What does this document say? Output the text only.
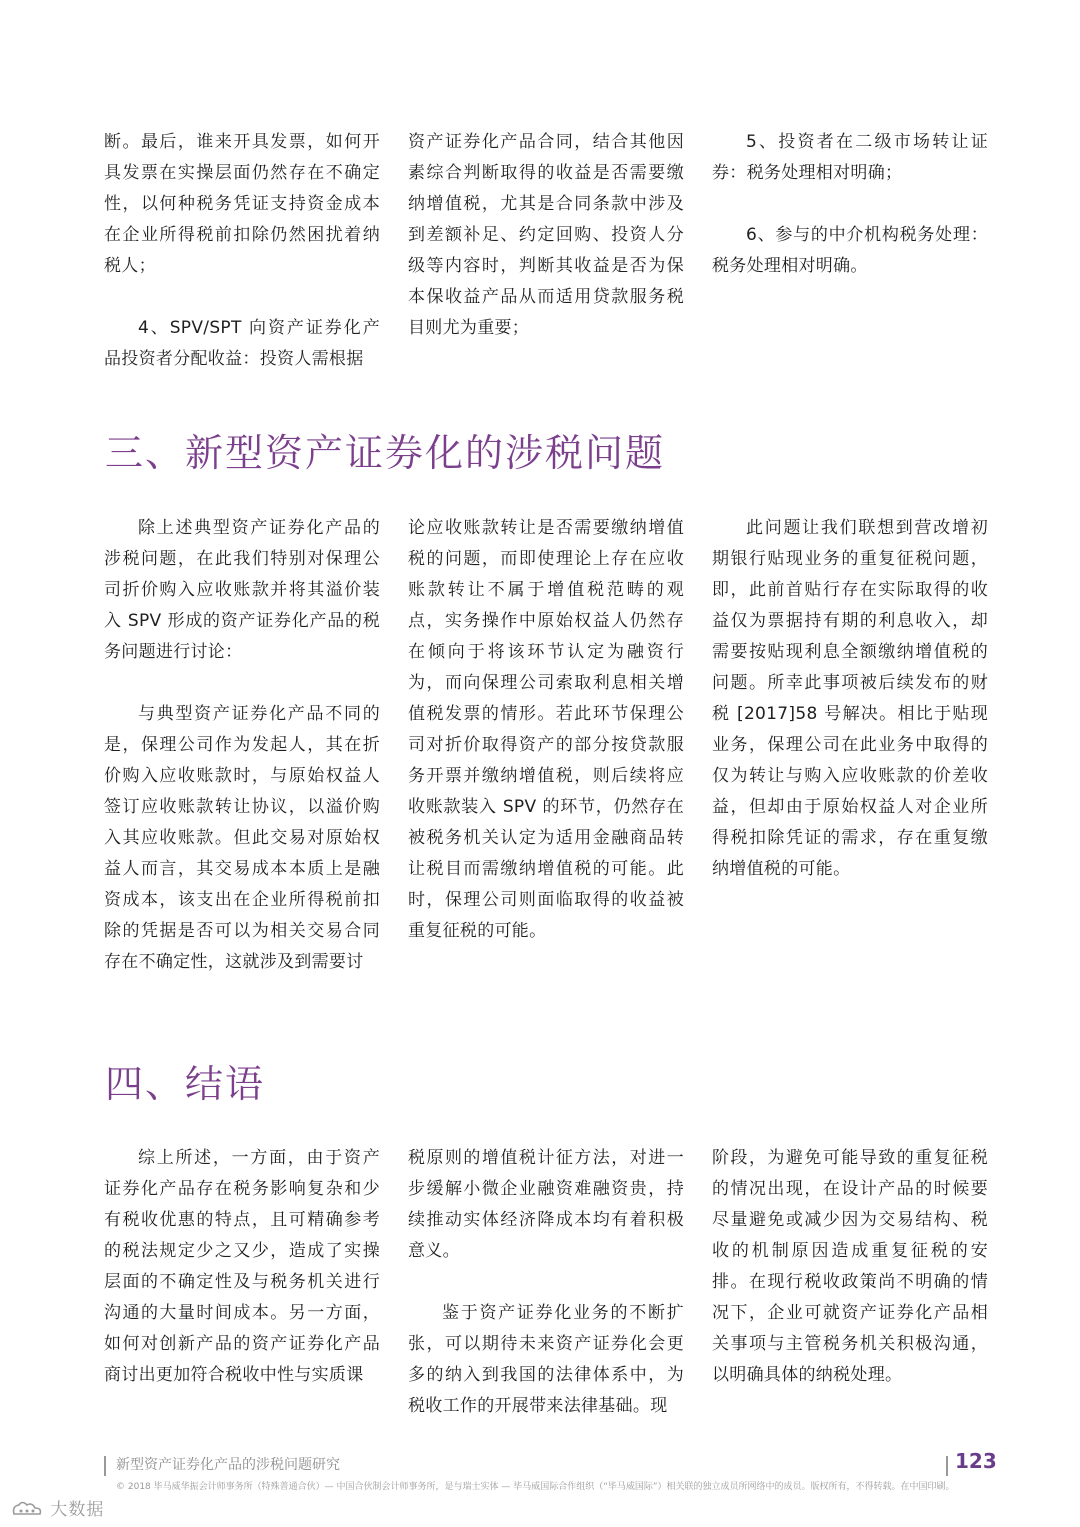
断。最后，谁来开具发票，如何开具发票在实操层面仍然存在不确定性，以何种税务凭证支持资金成本在企业所得税前扣除仍然困扰着纳税人；

4、SPV/SPT 向资产证券化产品投资者分配收益：投资人需根据

资产证券化产品合同，结合其他因素综合判断取得的收益是否需要缴纳增值税，尤其是合同条款中涉及到差额补足、约定回购、投资人分级等内容时，判断其收益是否为保本保收益产品从而适用贷款服务税目则尤为重要；

5、投资者在二级市场转让证券：税务处理相对明确；

6、参与的中介机构税务处理：税务处理相对明确。

三、新型资产证券化的涉税问题

除上述典型资产证券化产品的涉税问题，在此我们特别对保理公司折价购入应收账款并将其溢价装入 SPV 形成的资产证券化产品的税务问题进行讨论：

与典型资产证券化产品不同的是，保理公司作为发起人，其在折价购入应收账款时，与原始权益人签订应收账款转让协议，以溢价购入其应收账款。但此交易对原始权益人而言，其交易成本本质上是融资成本，该支出在企业所得税前扣除的凭据是否可以为相关交易合同存在不确定性，这就涉及到需要讨

论应收账款转让是否需要缴纳增值税的问题，而即使理论上存在应收账款转让不属于增值税范畴的观点，实务操作中原始权益人仍然存在倾向于将该环节认定为融资行为，而向保理公司索取利息相关增值税发票的情形。若此环节保理公司对折价取得资产的部分按贷款服务开票并缴纳增值税，则后续将应收账款装入 SPV 的环节，仍然存在被税务机关认定为适用金融商品转让税目而需缴纳增值税的可能。此时，保理公司则面临取得的收益被重复征税的可能。

此问题让我们联想到营改增初期银行贴现业务的重复征税问题，即，此前首贴行存在实际取得的收益仅为票据持有期的利息收入，却需要按贴现利息全额缴纳增值税的问题。所幸此事项被后续发布的财税 [2017]58 号解决。相比于贴现业务，保理公司在此业务中取得的仅为转让与购入应收账款的价差收益，但却由于原始权益人对企业所得税扣除凭证的需求，存在重复缴纳增值税的可能。

四、结语

综上所述，一方面，由于资产证券化产品存在税务影响复杂和少有税收优惠的特点，且可精确参考的税法规定少之又少，造成了实操层面的不确定性及与税务机关进行沟通的大量时间成本。另一方面，如何对创新产品的资产证券化产品商讨出更加符合税收中性与实质课

税原则的增值税计征方法，对进一步缓解小微企业融资难融资贵，持续推动实体经济降成本均有着积极意义。

鉴于资产证券化业务的不断扩张，可以期待未来资产证券化会更多的纳入到我国的法律体系中，为税收工作的开展带来法律基础。现

阶段，为避免可能导致的重复征税的情况出现，在设计产品的时候要尽量避免或减少因为交易结构、税收的机制原因造成重复征税的安排。在现行税收政策尚不明确的情况下，企业可就资产证券化产品相关事项与主管税务机关积极沟通，以明确具体的纳税处理。

新型资产证券化产品的涉税问题研究	123
© 2018 毕马威华振会计师事务所（特殊普通合伙）— 中国合伙制会计师事务所，是与瑞士实体 — 毕马威国际合作组织（“毕马威国际”）相关联的独立成员所网络中的成员。版权所有，不得转载。在中国印刷。
大数据
